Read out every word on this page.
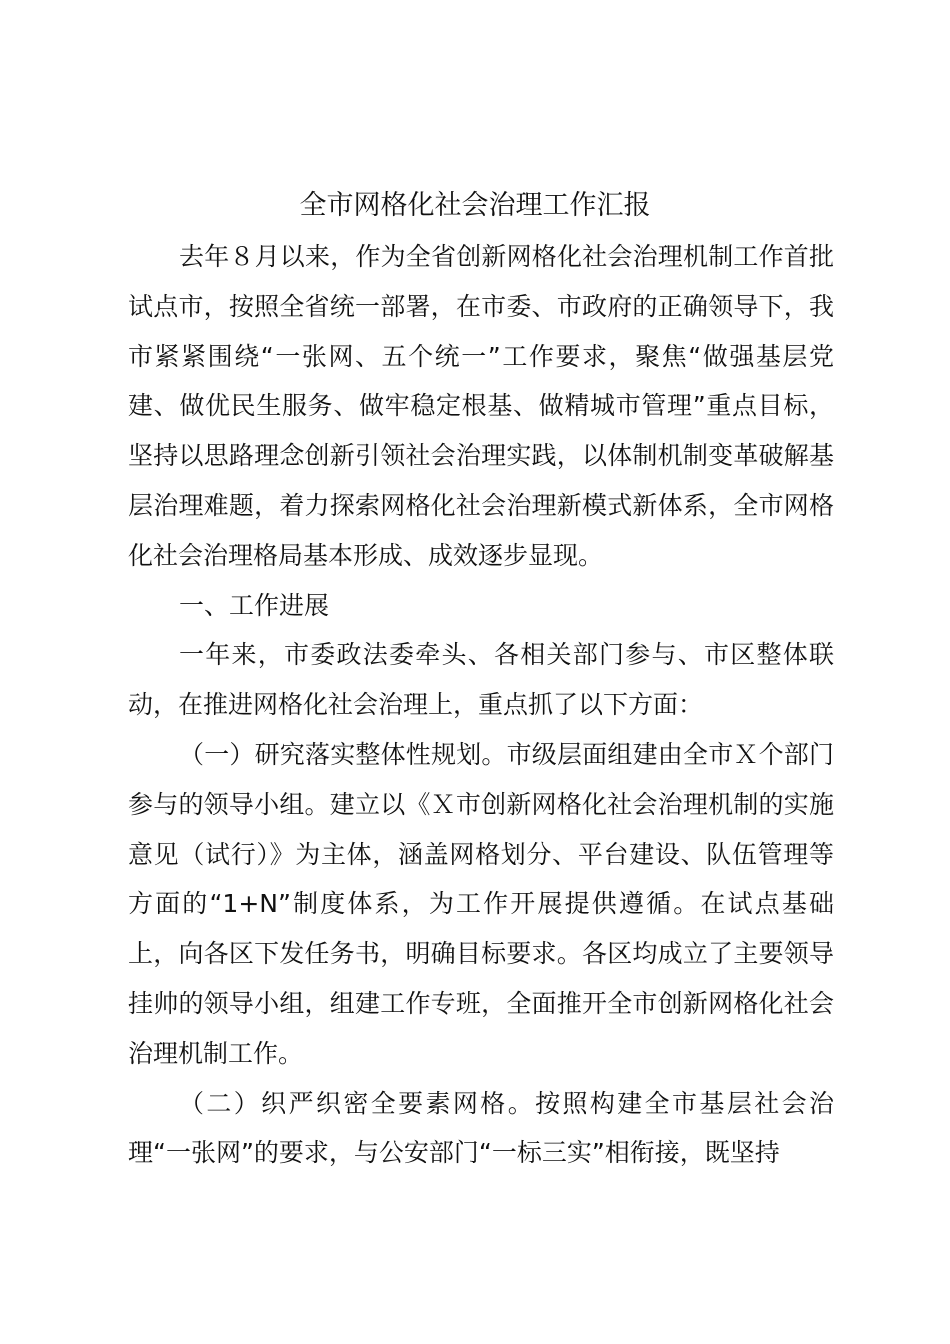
全市网格化社会治理工作汇报

去年８月以来，作为全省创新网格化社会治理机制工作首批试点市，按照全省统一部署，在市委、市政府的正确领导下，我市紧紧围绕“一张网、五个统一”工作要求，聚焦“做强基层党建、做优民生服务、做牢稳定根基、做精城市管理”重点目标，坚持以思路理念创新引领社会治理实践，以体制机制变革破解基层治理难题，着力探索网格化社会治理新模式新体系，全市网格化社会治理格局基本形成、成效逐步显现。

一、工作进展

一年来，市委政法委牵头、各相关部门参与、市区整体联动，在推进网格化社会治理上，重点抓了以下方面：

（一）研究落实整体性规划。市级层面组建由全市Ｘ个部门参与的领导小组。建立以《Ｘ市创新网格化社会治理机制的实施意见（试行）》为主体，涵盖网格划分、平台建设、队伍管理等方面的“1+N”制度体系，为工作开展提供遵循。在试点基础上，向各区下发任务书，明确目标要求。各区均成立了主要领导挂帅的领导小组，组建工作专班，全面推开全市创新网格化社会治理机制工作。

（二）织严织密全要素网格。按照构建全市基层社会治理“一张网”的要求，与公安部门“一标三实”相衔接，既坚持
